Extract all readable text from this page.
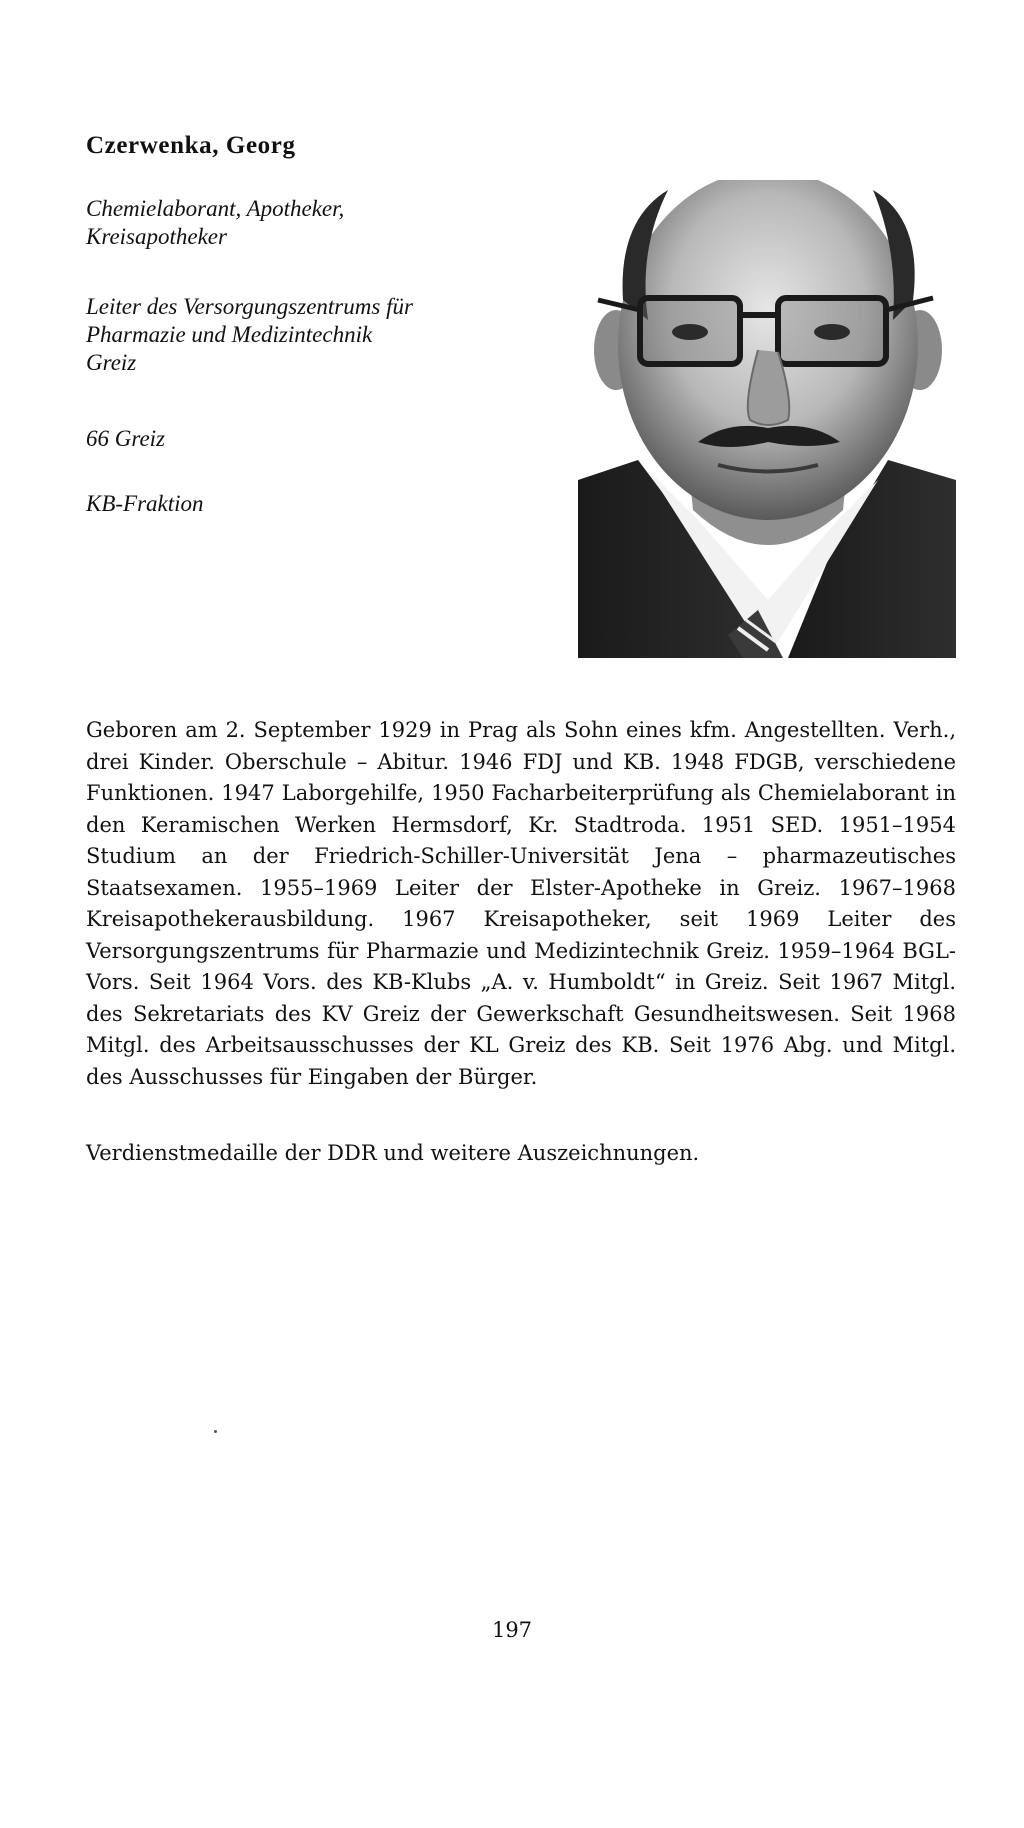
Czerwenka, Georg

Chemielaborant, Apotheker,
Kreisapotheker

Leiter des Versorgungszentrums für
Pharmazie und Medizintechnik
Greiz

66 Greiz

KB-Fraktion

Geboren am 2. September 1929 in Prag als Sohn eines kfm. Angestellten. Verh., drei Kinder. Oberschule – Abitur. 1946 FDJ und KB. 1948 FDGB, verschiedene Funktionen. 1947 Laborgehilfe, 1950 Facharbeiterprüfung als Chemielaborant in den Keramischen Werken Hermsdorf, Kr. Stadtroda. 1951 SED. 1951–1954 Studium an der Friedrich-Schiller-Universität Jena – pharmazeutisches Staatsexamen. 1955–1969 Leiter der Elster-Apotheke in Greiz. 1967–1968 Kreisapothekerausbildung. 1967 Kreisapotheker, seit 1969 Leiter des Versorgungszentrums für Pharmazie und Medizintechnik Greiz. 1959–1964 BGL-Vors. Seit 1964 Vors. des KB-Klubs „A. v. Humboldt“ in Greiz. Seit 1967 Mitgl. des Sekretariats des KV Greiz der Gewerkschaft Gesundheitswesen. Seit 1968 Mitgl. des Arbeitsausschusses der KL Greiz des KB. Seit 1976 Abg. und Mitgl. des Ausschusses für Eingaben der Bürger.

Verdienstmedaille der DDR und weitere Auszeichnungen.

197
